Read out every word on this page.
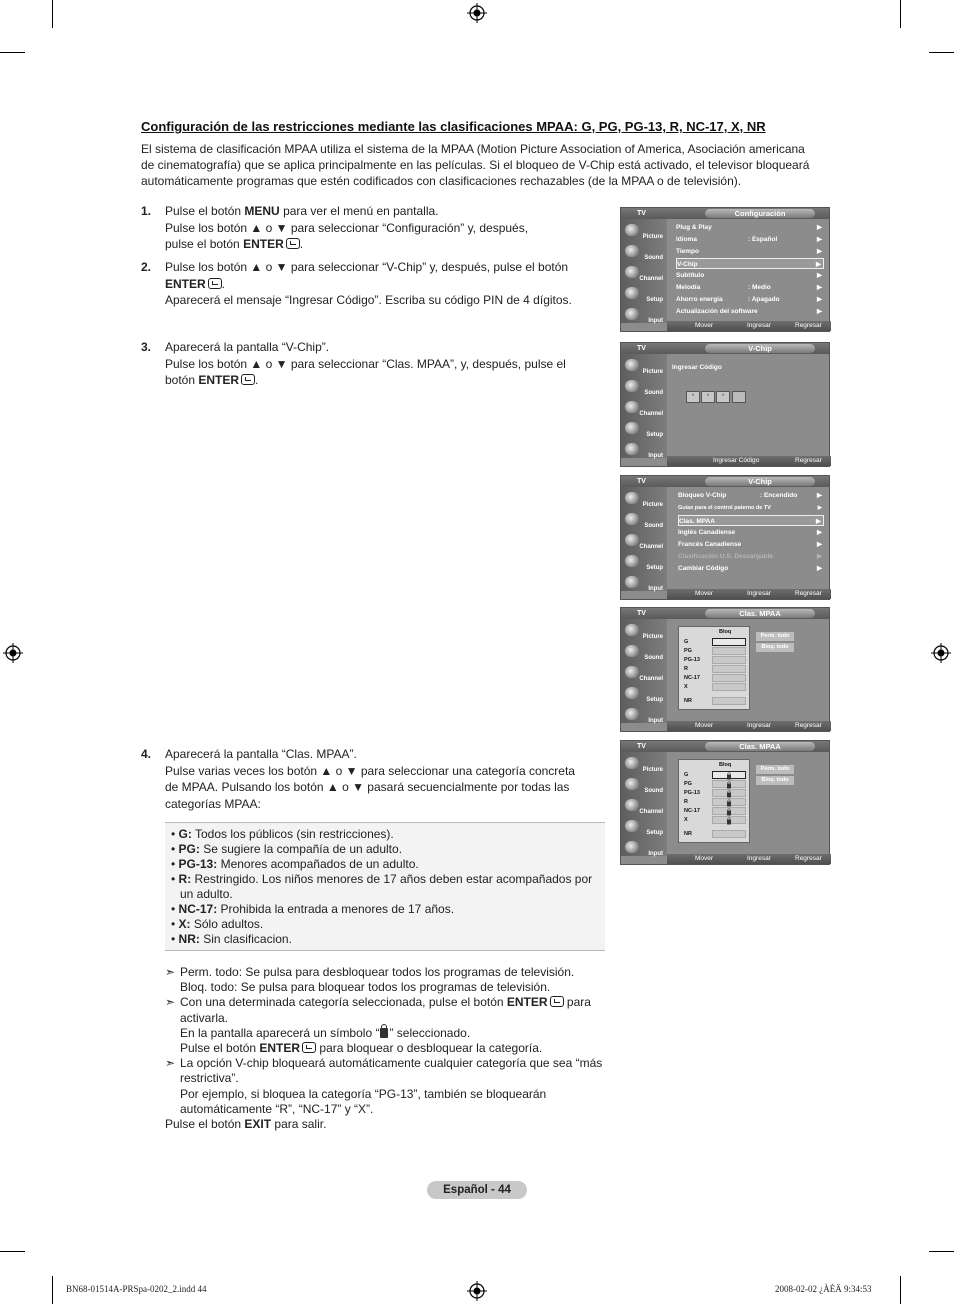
Configuración de las restricciones mediante las clasificaciones MPAA: G, PG, PG-13, R, NC-17, X, NR
El sistema de clasificación MPAA utiliza el sistema de la MPAA (Motion Picture Association of America, Asociación americana de cinematografía) que se aplica principalmente en las películas. Si el bloqueo de V-Chip está activado, el televisor bloqueará automáticamente programas que estén codificados con clasificaciones rechazables (de la MPAA o de televisión).
1. Pulse el botón MENU para ver el menú en pantalla.
Pulse los botón ▲ o ▼ para seleccionar “Configuración” y, después,
pulse el botón ENTER .
2. Pulse los botón ▲ o ▼ para seleccionar “V-Chip” y, después, pulse el botón
ENTER .
Aparecerá el mensaje “Ingresar Código”. Escriba su código PIN de 4 dígitos.
3. Aparecerá la pantalla “V-Chip”.
Pulse los botón ▲ o ▼ para seleccionar “Clas. MPAA”, y, después, pulse el
botón ENTER .
4. Aparecerá la pantalla “Clas. MPAA”.
Pulse varias veces los botón ▲ o ▼ para seleccionar una categoría concreta
de MPAA. Pulsando los botón ▲ o ▼ pasará secuencialmente por todas las
categorías MPAA:
• G: Todos los públicos (sin restricciones).
• PG: Se sugiere la compañía de un adulto.
• PG-13: Menores acompañados de un adulto.
• R: Restringido. Los niños menores de 17 años deben estar acompañados por un adulto.
• NC-17: Prohibida la entrada a menores de 17 años.
• X: Sólo adultos.
• NR: Sin clasificacion.
➣ Perm. todo: Se pulsa para desbloquear todos los programas de televisión.
Bloq. todo: Se pulsa para bloquear todos los programas de televisión.
➣ Con una determinada categoría seleccionada, pulse el botón ENTER para activarla.
En la pantalla aparecerá un símbolo “ ” seleccionado.
Pulse el botón ENTER para bloquear o desbloquear la categoría.
➣ La opción V-chip bloqueará automáticamente cualquier categoría que sea “más restrictiva”.
Por ejemplo, si bloquea la categoría “PG-13”, también se bloquearán automáticamente “R”, “NC-17” y “X”.
Pulse el botón EXIT para salir.
TV	Configuración
Picture
Sound
Channel
Setup
Input
Plug & Play	▶
Idioma	: Español	▶
Tiempo	▶
V-Chip	▶
Subtítulo	▶
Melodía	: Medio	▶
Ahorro energía	: Apagado	▶
Actualización del software	▶
Mover	Ingresar	Regresar
TV	V-Chip
Picture
Sound
Channel
Setup
Input
Ingresar Código
*	*	*
Ingresar Código	Regresar
TV	V-Chip
Picture
Sound
Channel
Setup
Input
Bloqueo V-Chip	: Encendido	▶
Guías para el control paterno de TV	▶
Clas. MPAA	▶
Inglés Canadiense	▶
Francés Canadiense	▶
Clasificación U.S. Descargable	▶
Cambiar Código	▶
Mover	Ingresar	Regresar
TV	Clas. MPAA
Picture
Sound
Channel
Setup
Input
Bloq
G
PG
PG-13
R
NC-17
X
NR
Perm. todo
Bloq. todo
Mover	Ingresar	Regresar
TV	Clas. MPAA
Picture
Sound
Channel
Setup
Input
Bloq
G
PG
PG-13
R
NC-17
X
NR
Perm. todo
Bloq. todo
Mover	Ingresar	Regresar
Español - 44
BN68-01514A-PRSpa-0202_2.indd 44	2008-02-02 ¿ÀÈÄ 9:34:53
